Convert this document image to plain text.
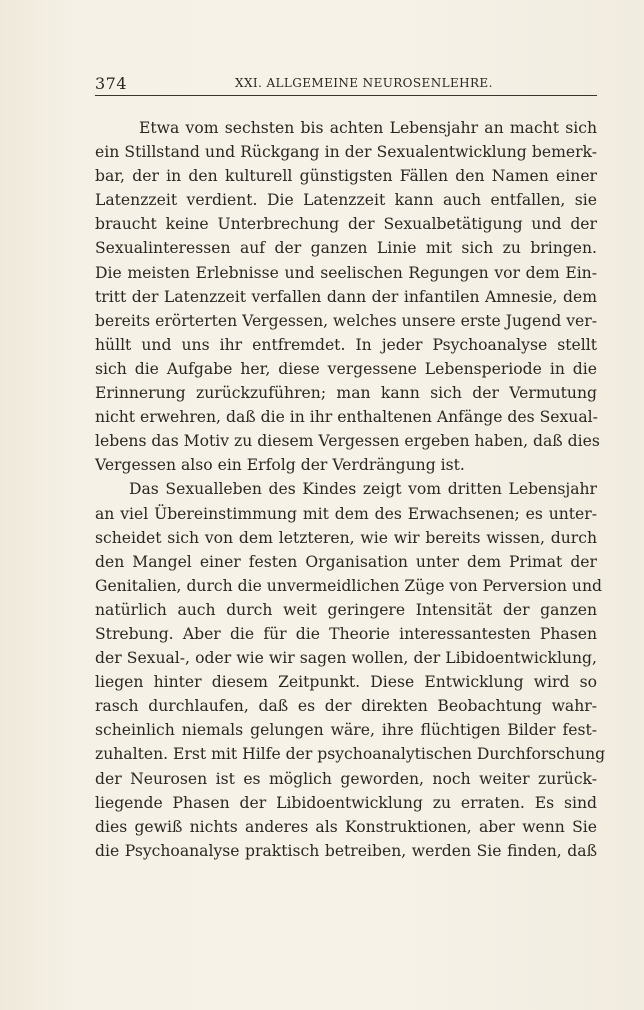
374	XXI. ALLGEMEINE NEUROSENLEHRE.
Etwa vom sechsten bis achten Lebensjahr an macht sich
ein Stillstand und Rückgang in der Sexualentwicklung bemerk-
bar, der in den kulturell günstigsten Fällen den Namen einer
Latenzzeit verdient. Die Latenzzeit kann auch entfallen, sie
braucht keine Unterbrechung der Sexualbetätigung und der
Sexualinteressen auf der ganzen Linie mit sich zu bringen.
Die meisten Erlebnisse und seelischen Regungen vor dem Ein-
tritt der Latenzzeit verfallen dann der infantilen Amnesie, dem
bereits erörterten Vergessen, welches unsere erste Jugend ver-
hüllt und uns ihr entfremdet. In jeder Psychoanalyse stellt
sich die Aufgabe her, diese vergessene Lebensperiode in die
Erinnerung zurückzuführen; man kann sich der Vermutung
nicht erwehren, daß die in ihr enthaltenen Anfänge des Sexual-
lebens das Motiv zu diesem Vergessen ergeben haben, daß dies
Vergessen also ein Erfolg der Verdrängung ist.
Das Sexualleben des Kindes zeigt vom dritten Lebensjahr
an viel Übereinstimmung mit dem des Erwachsenen; es unter-
scheidet sich von dem letzteren, wie wir bereits wissen, durch
den Mangel einer festen Organisation unter dem Primat der
Genitalien, durch die unvermeidlichen Züge von Perversion und
natürlich auch durch weit geringere Intensität der ganzen
Strebung. Aber die für die Theorie interessantesten Phasen
der Sexual-, oder wie wir sagen wollen, der Libidoentwicklung,
liegen hinter diesem Zeitpunkt. Diese Entwicklung wird so
rasch durchlaufen, daß es der direkten Beobachtung wahr-
scheinlich niemals gelungen wäre, ihre flüchtigen Bilder fest-
zuhalten. Erst mit Hilfe der psychoanalytischen Durchforschung
der Neurosen ist es möglich geworden, noch weiter zurück-
liegende Phasen der Libidoentwicklung zu erraten. Es sind
dies gewiß nichts anderes als Konstruktionen, aber wenn Sie
die Psychoanalyse praktisch betreiben, werden Sie finden, daß
